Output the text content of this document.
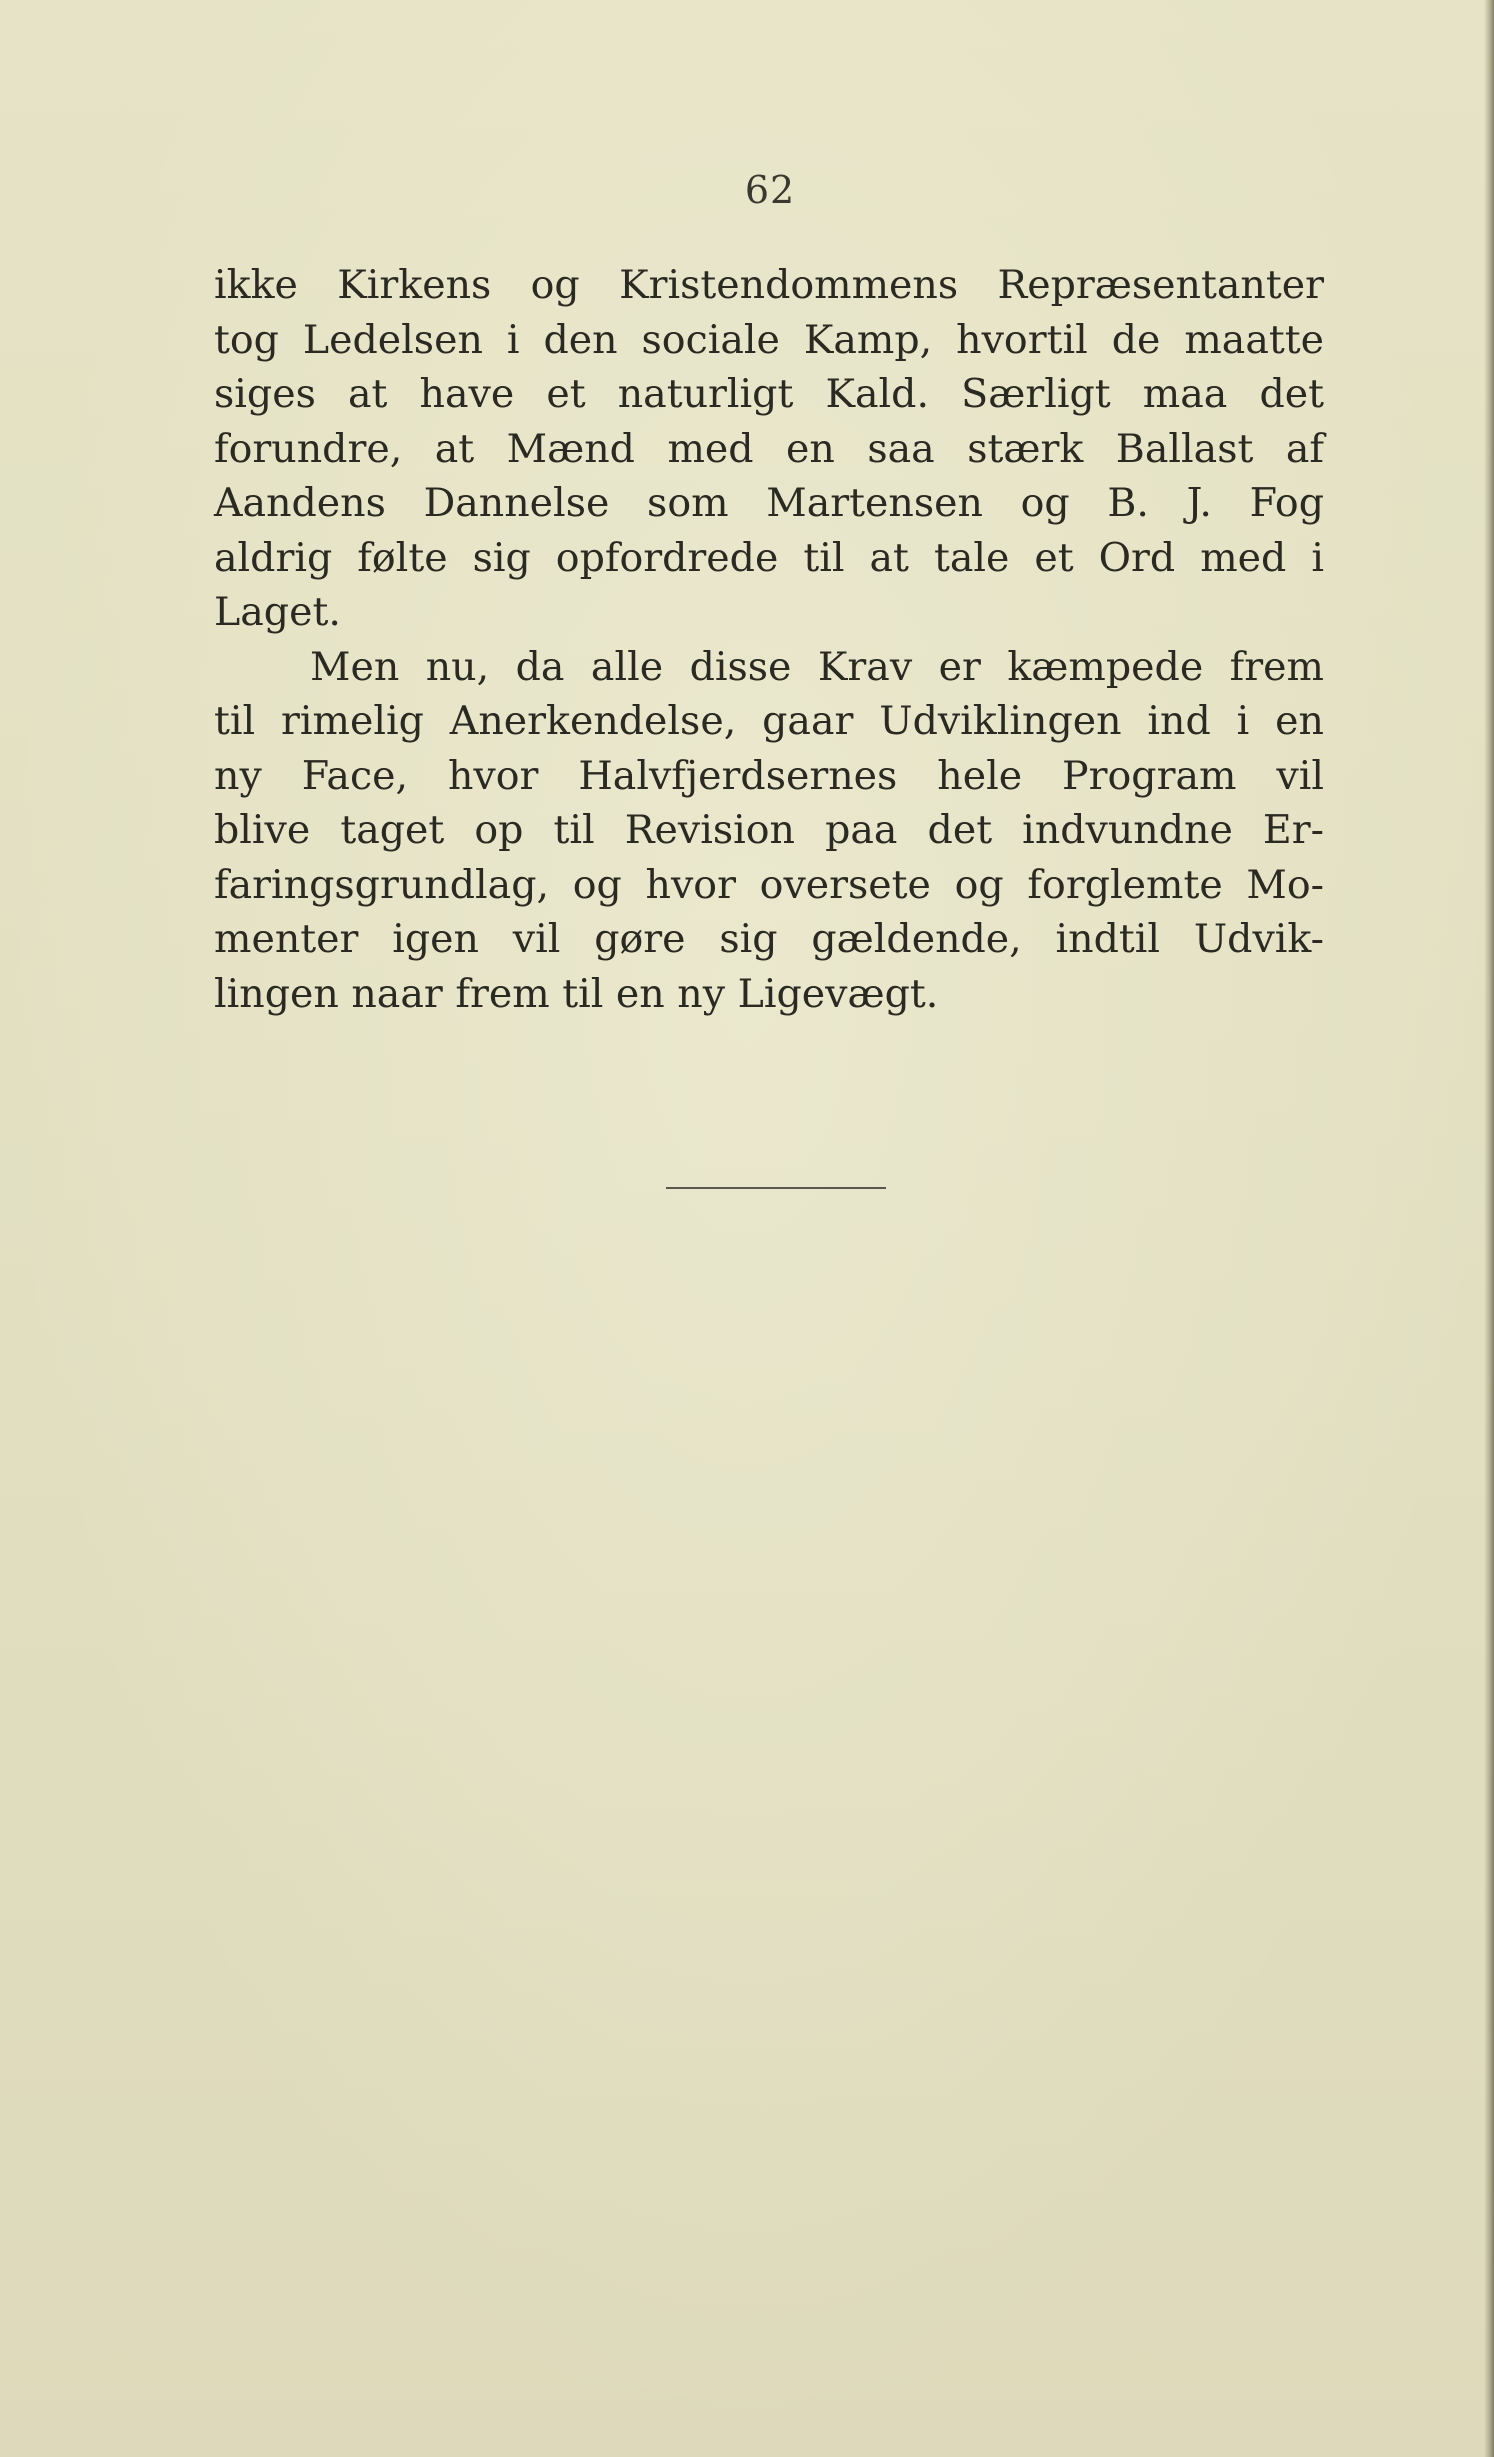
62
ikke Kirkens og Kristendommens Repræsentanter
tog Ledelsen i den sociale Kamp, hvortil de maatte
siges at have et naturligt Kald. Særligt maa det
forundre, at Mænd med en saa stærk Ballast af
Aandens Dannelse som Martensen og B. J. Fog
aldrig følte sig opfordrede til at tale et Ord med i
Laget.
Men nu, da alle disse Krav er kæmpede frem
til rimelig Anerkendelse, gaar Udviklingen ind i en
ny Face, hvor Halvfjerdsernes hele Program vil
blive taget op til Revision paa det indvundne Er-
faringsgrundlag, og hvor oversete og forglemte Mo-
menter igen vil gøre sig gældende, indtil Udvik-
lingen naar frem til en ny Ligevægt.
